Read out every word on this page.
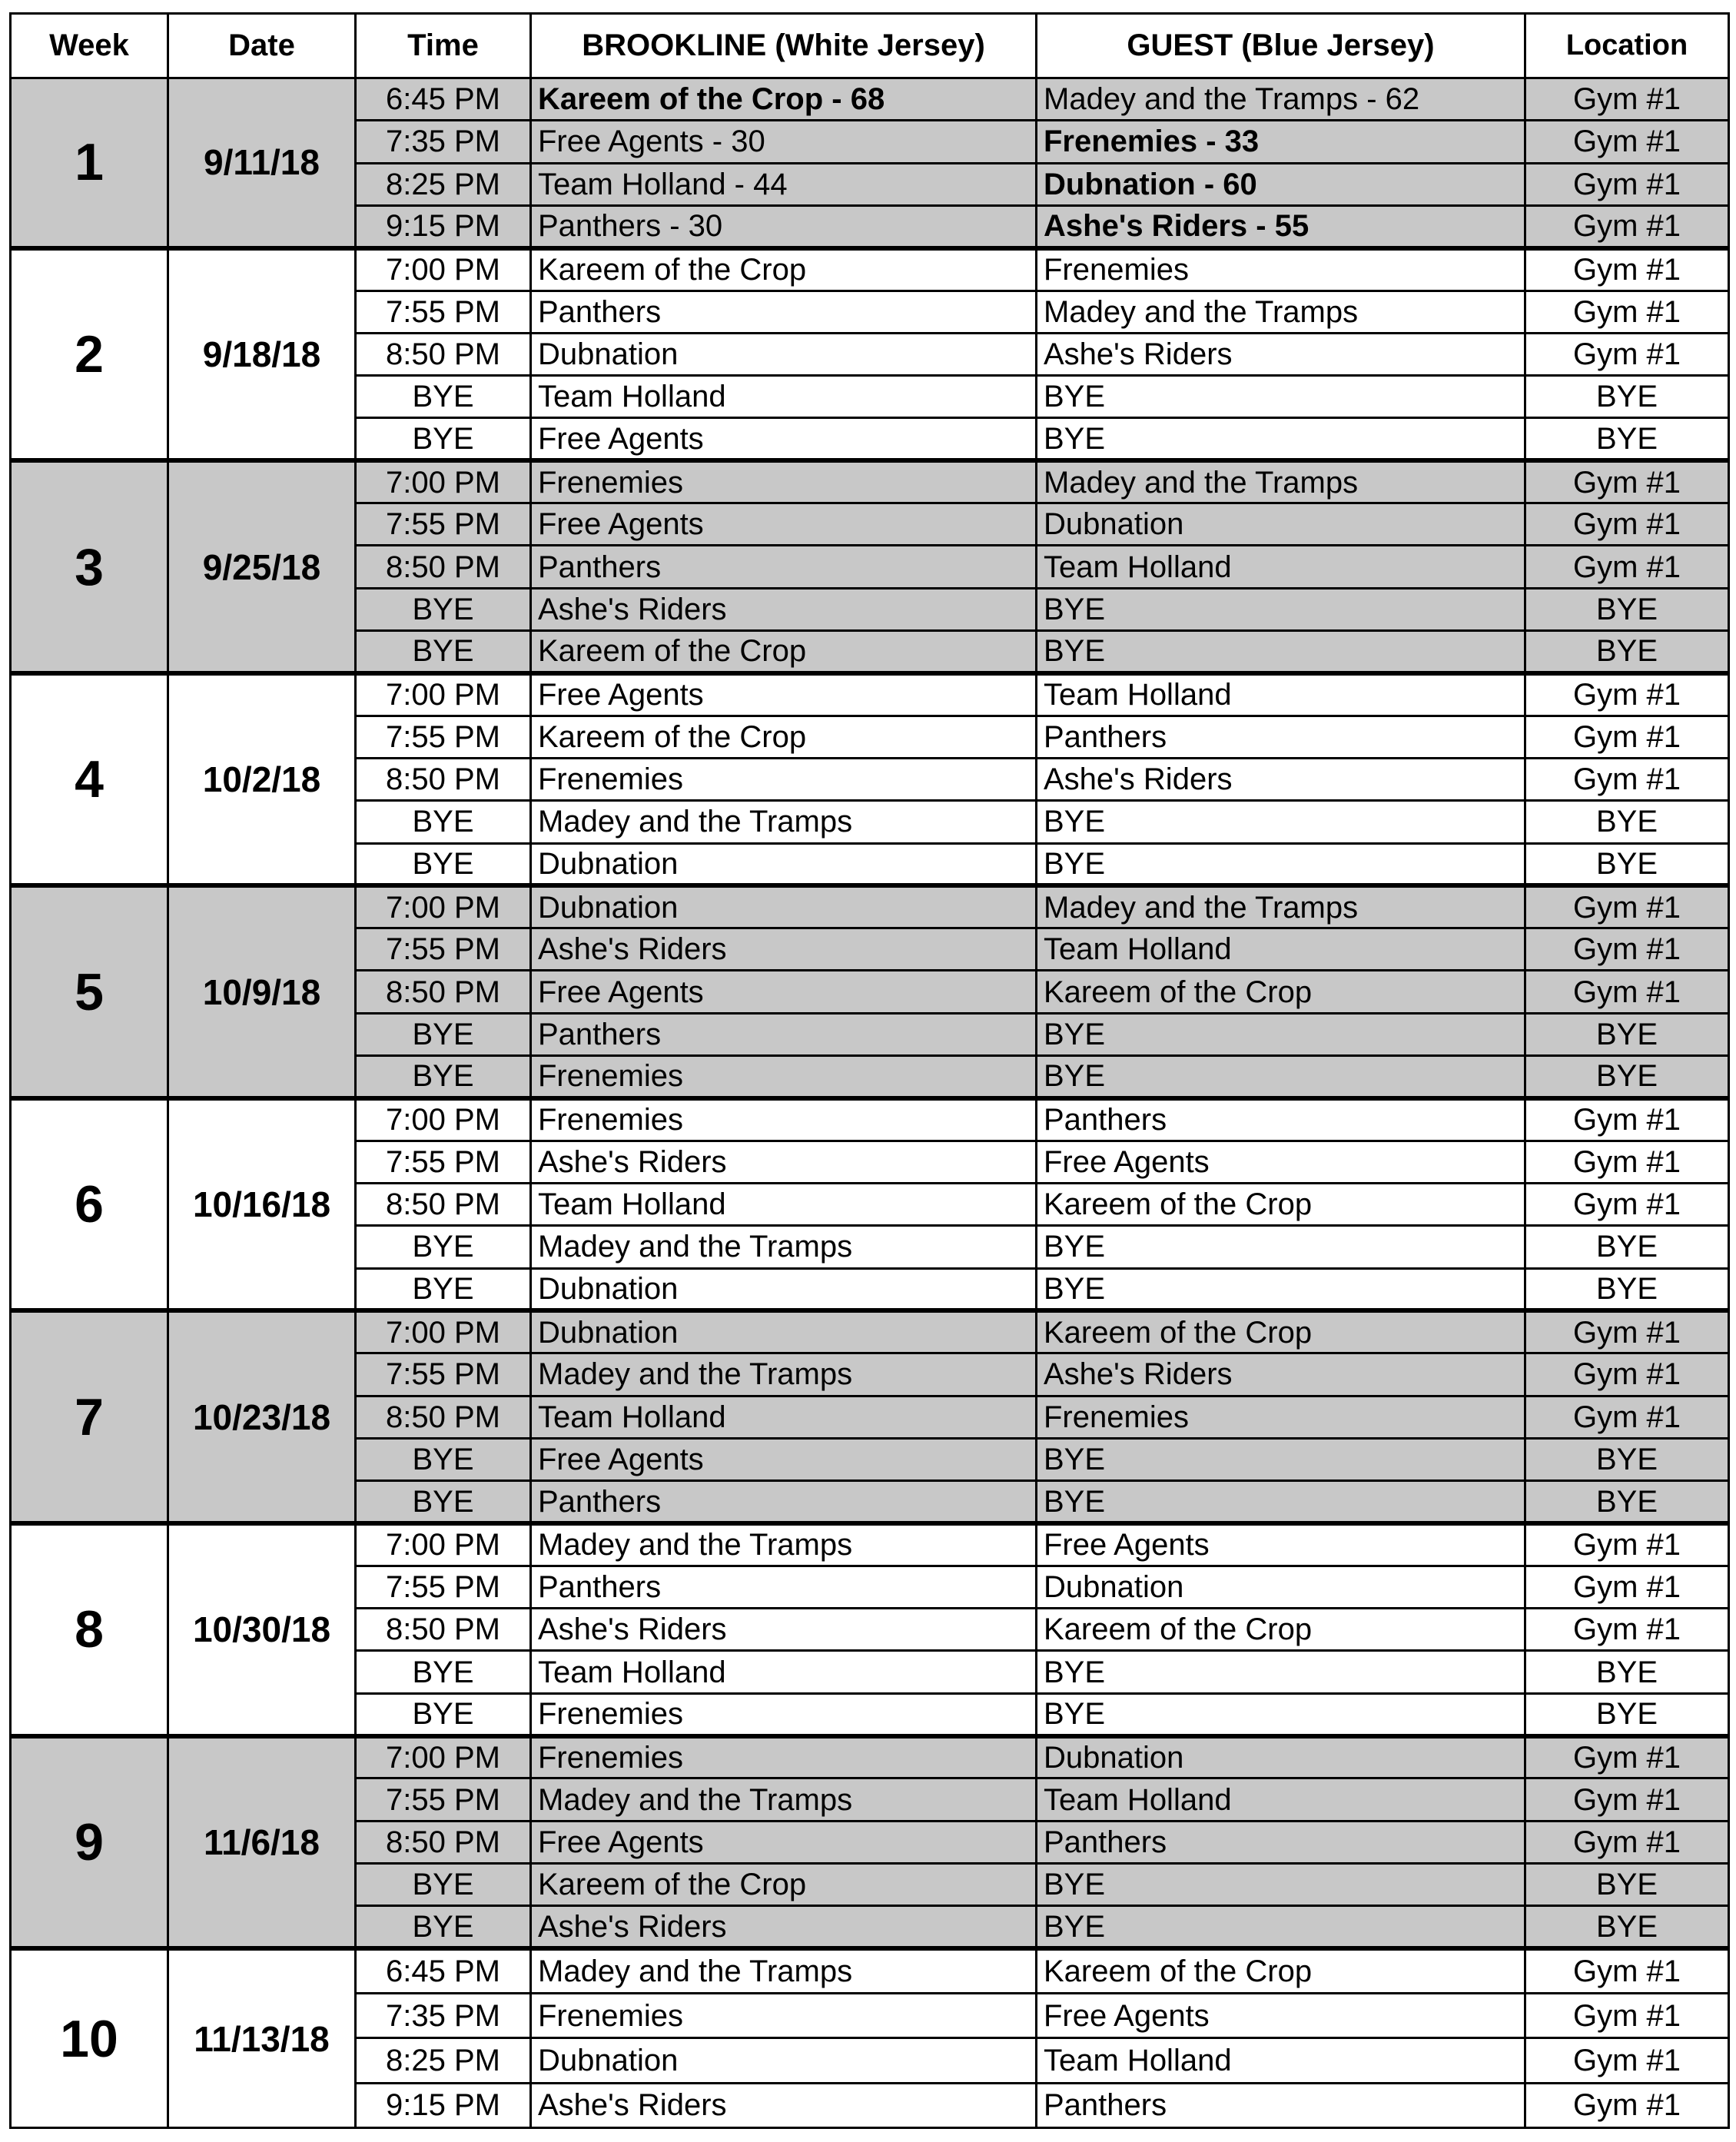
Week	Date	Time	BROOKLINE (White Jersey)	GUEST (Blue Jersey)	Location
1	9/11/18	6:45 PM	Kareem of the Crop - 68	Madey and the Tramps - 62	Gym #1
		7:35 PM	Free Agents - 30	Frenemies - 33	Gym #1
		8:25 PM	Team Holland - 44	Dubnation - 60	Gym #1
		9:15 PM	Panthers - 30	Ashe's Riders - 55	Gym #1
2	9/18/18	7:00 PM	Kareem of the Crop	Frenemies	Gym #1
		7:55 PM	Panthers	Madey and the Tramps	Gym #1
		8:50 PM	Dubnation	Ashe's Riders	Gym #1
		BYE	Team Holland	BYE	BYE
		BYE	Free Agents	BYE	BYE
3	9/25/18	7:00 PM	Frenemies	Madey and the Tramps	Gym #1
		7:55 PM	Free Agents	Dubnation	Gym #1
		8:50 PM	Panthers	Team Holland	Gym #1
		BYE	Ashe's Riders	BYE	BYE
		BYE	Kareem of the Crop	BYE	BYE
4	10/2/18	7:00 PM	Free Agents	Team Holland	Gym #1
		7:55 PM	Kareem of the Crop	Panthers	Gym #1
		8:50 PM	Frenemies	Ashe's Riders	Gym #1
		BYE	Madey and the Tramps	BYE	BYE
		BYE	Dubnation	BYE	BYE
5	10/9/18	7:00 PM	Dubnation	Madey and the Tramps	Gym #1
		7:55 PM	Ashe's Riders	Team Holland	Gym #1
		8:50 PM	Free Agents	Kareem of the Crop	Gym #1
		BYE	Panthers	BYE	BYE
		BYE	Frenemies	BYE	BYE
6	10/16/18	7:00 PM	Frenemies	Panthers	Gym #1
		7:55 PM	Ashe's Riders	Free Agents	Gym #1
		8:50 PM	Team Holland	Kareem of the Crop	Gym #1
		BYE	Madey and the Tramps	BYE	BYE
		BYE	Dubnation	BYE	BYE
7	10/23/18	7:00 PM	Dubnation	Kareem of the Crop	Gym #1
		7:55 PM	Madey and the Tramps	Ashe's Riders	Gym #1
		8:50 PM	Team Holland	Frenemies	Gym #1
		BYE	Free Agents	BYE	BYE
		BYE	Panthers	BYE	BYE
8	10/30/18	7:00 PM	Madey and the Tramps	Free Agents	Gym #1
		7:55 PM	Panthers	Dubnation	Gym #1
		8:50 PM	Ashe's Riders	Kareem of the Crop	Gym #1
		BYE	Team Holland	BYE	BYE
		BYE	Frenemies	BYE	BYE
9	11/6/18	7:00 PM	Frenemies	Dubnation	Gym #1
		7:55 PM	Madey and the Tramps	Team Holland	Gym #1
		8:50 PM	Free Agents	Panthers	Gym #1
		BYE	Kareem of the Crop	BYE	BYE
		BYE	Ashe's Riders	BYE	BYE
10	11/13/18	6:45 PM	Madey and the Tramps	Kareem of the Crop	Gym #1
		7:35 PM	Frenemies	Free Agents	Gym #1
		8:25 PM	Dubnation	Team Holland	Gym #1
		9:15 PM	Ashe's Riders	Panthers	Gym #1
